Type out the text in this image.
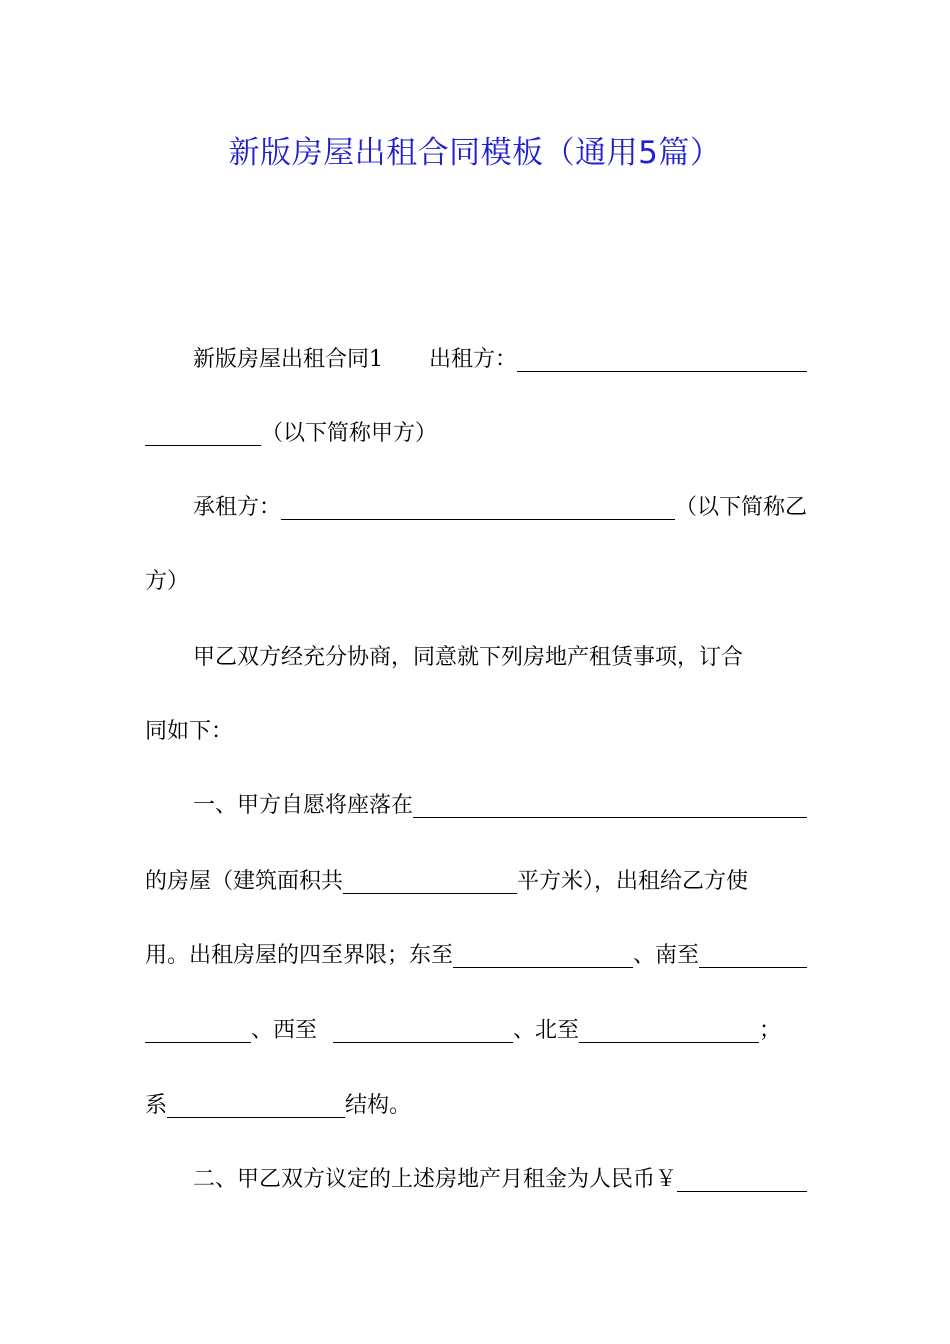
新版房屋出租合同模板（通用5篇）
新版房屋出租合同1 出租方：
（以下简称甲方）
承租方：	（以下简称乙
方）
甲乙双方经充分协商，同意就下列房地产租赁事项，订合
同如下：
一、甲方自愿将座落在
的房屋（建筑面积共	平方米），出租给乙方使
用。出租房屋的四至界限；东至	、南至
、西至	、北至	；
系	结构。
二、甲乙双方议定的上述房地产月租金为人民币￥
